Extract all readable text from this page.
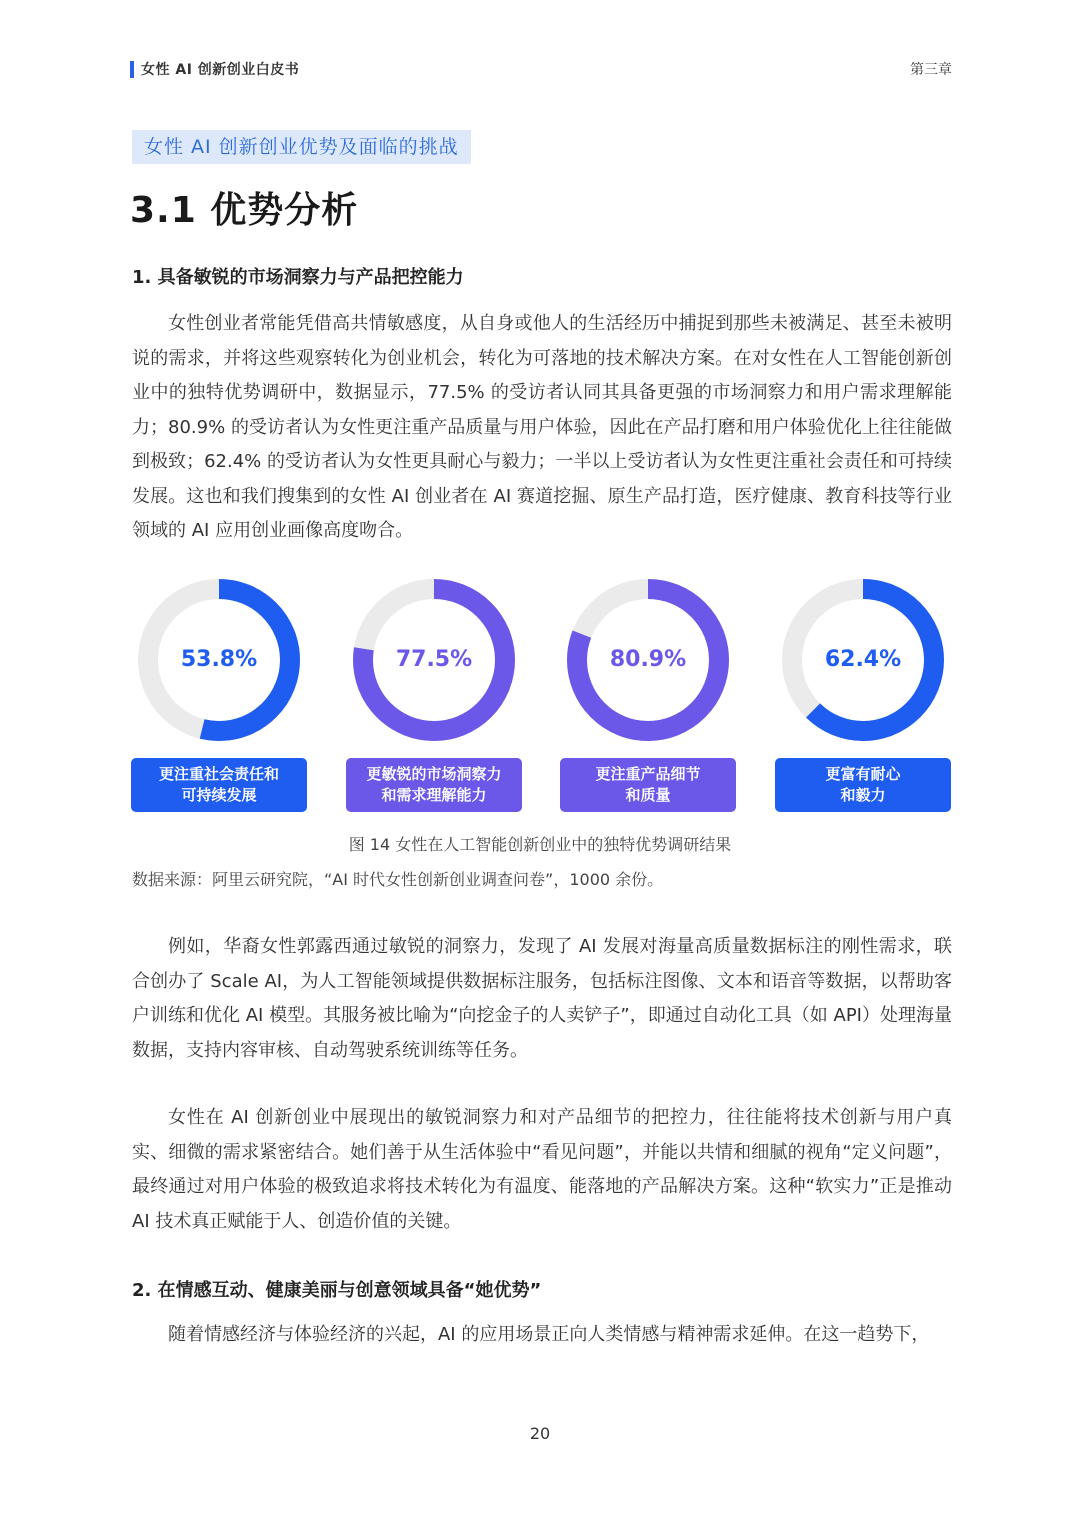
女性 AI 创新创业白皮书	第三章
女性 AI 创新创业优势及面临的挑战
3.1 优势分析
1. 具备敏锐的市场洞察力与产品把控能力
女性创业者常能凭借高共情敏感度，从自身或他人的生活经历中捕捉到那些未被满足、甚至未被明说的需求，并将这些观察转化为创业机会，转化为可落地的技术解决方案。在对女性在人工智能创新创业中的独特优势调研中，数据显示，77.5% 的受访者认同其具备更强的市场洞察力和用户需求理解能力；80.9% 的受访者认为女性更注重产品质量与用户体验，因此在产品打磨和用户体验优化上往往能做到极致；62.4% 的受访者认为女性更具耐心与毅力；一半以上受访者认为女性更注重社会责任和可持续发展。这也和我们搜集到的女性 AI 创业者在 AI 赛道挖掘、原生产品打造，医疗健康、教育科技等行业领域的 AI 应用创业画像高度吻合。
53.8%
更注重社会责任和
可持续发展
77.5%
更敏锐的市场洞察力
和需求理解能力
80.9%
更注重产品细节
和质量
62.4%
更富有耐心
和毅力
图 14 女性在人工智能创新创业中的独特优势调研结果
数据来源：阿里云研究院，“AI 时代女性创新创业调查问卷”，1000 余份。
例如，华裔女性郭露西通过敏锐的洞察力，发现了 AI 发展对海量高质量数据标注的刚性需求，联合创办了 Scale AI，为人工智能领域提供数据标注服务，包括标注图像、文本和语音等数据，以帮助客户训练和优化 AI 模型。其服务被比喻为“向挖金子的人卖铲子”，即通过自动化工具（如 API）处理海量数据，支持内容审核、自动驾驶系统训练等任务。
女性在 AI 创新创业中展现出的敏锐洞察力和对产品细节的把控力，往往能将技术创新与用户真实、细微的需求紧密结合。她们善于从生活体验中“看见问题”，并能以共情和细腻的视角“定义问题”，最终通过对用户体验的极致追求将技术转化为有温度、能落地的产品解决方案。这种“软实力”正是推动 AI 技术真正赋能于人、创造价值的关键。
2. 在情感互动、健康美丽与创意领域具备“她优势”
随着情感经济与体验经济的兴起，AI 的应用场景正向人类情感与精神需求延伸。在这一趋势下，
20
